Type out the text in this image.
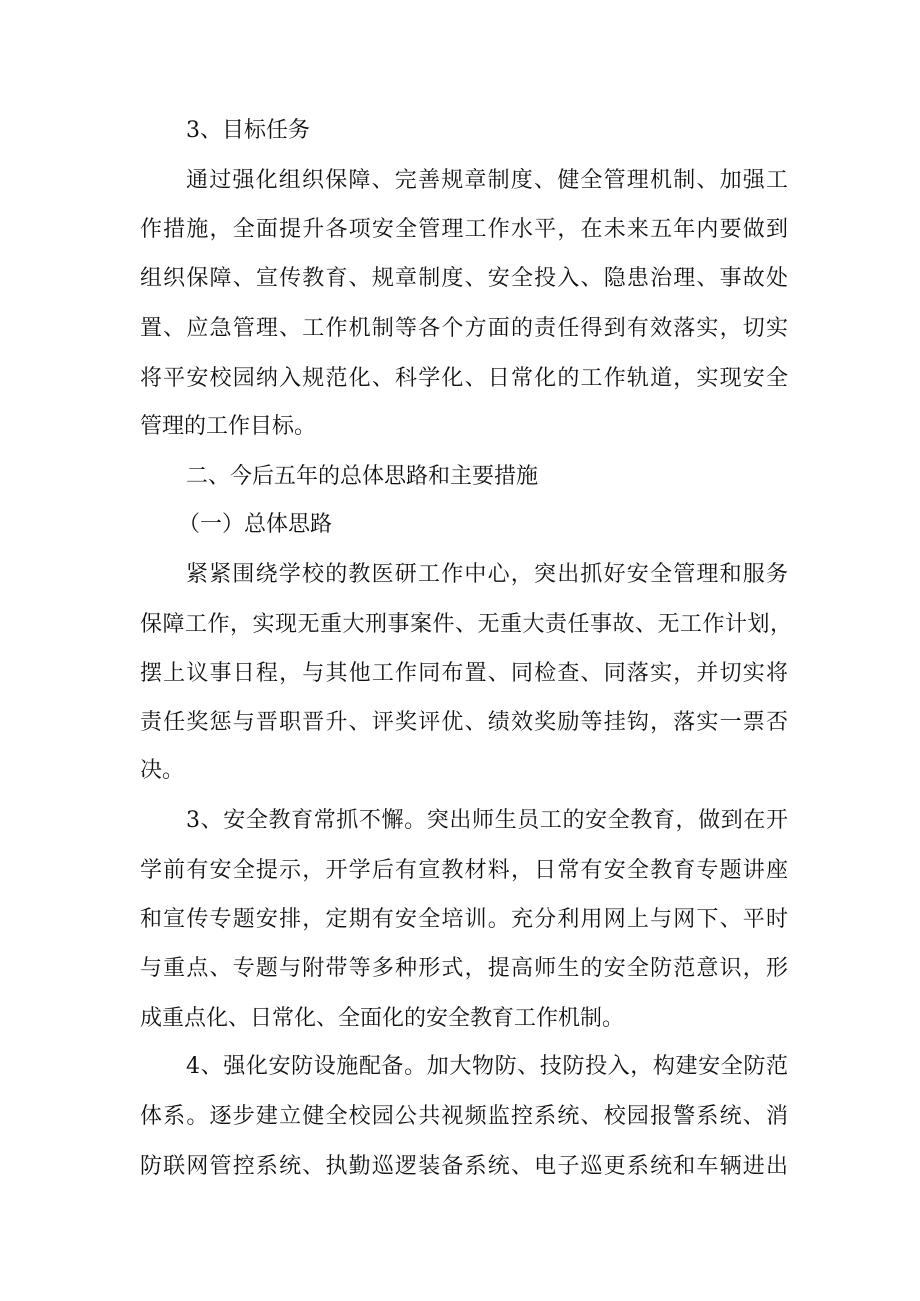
3、目标任务

通过强化组织保障、完善规章制度、健全管理机制、加强工

作措施，全面提升各项安全管理工作水平，在未来五年内要做到

组织保障、宣传教育、规章制度、安全投入、隐患治理、事故处

置、应急管理、工作机制等各个方面的责任得到有效落实，切实

将平安校园纳入规范化、科学化、日常化的工作轨道，实现安全

管理的工作目标。

二、今后五年的总体思路和主要措施

（一）总体思路

紧紧围绕学校的教医研工作中心，突出抓好安全管理和服务

保障工作，实现无重大刑事案件、无重大责任事故、无工作计划，

摆上议事日程，与其他工作同布置、同检查、同落实，并切实将

责任奖惩与晋职晋升、评奖评优、绩效奖励等挂钩，落实一票否

决。

3、安全教育常抓不懈。突出师生员工的安全教育，做到在开

学前有安全提示，开学后有宣教材料，日常有安全教育专题讲座

和宣传专题安排，定期有安全培训。充分利用网上与网下、平时

与重点、专题与附带等多种形式，提高师生的安全防范意识，形

成重点化、日常化、全面化的安全教育工作机制。

4、强化安防设施配备。加大物防、技防投入，构建安全防范

体系。逐步建立健全校园公共视频监控系统、校园报警系统、消

防联网管控系统、执勤巡逻装备系统、电子巡更系统和车辆进出
